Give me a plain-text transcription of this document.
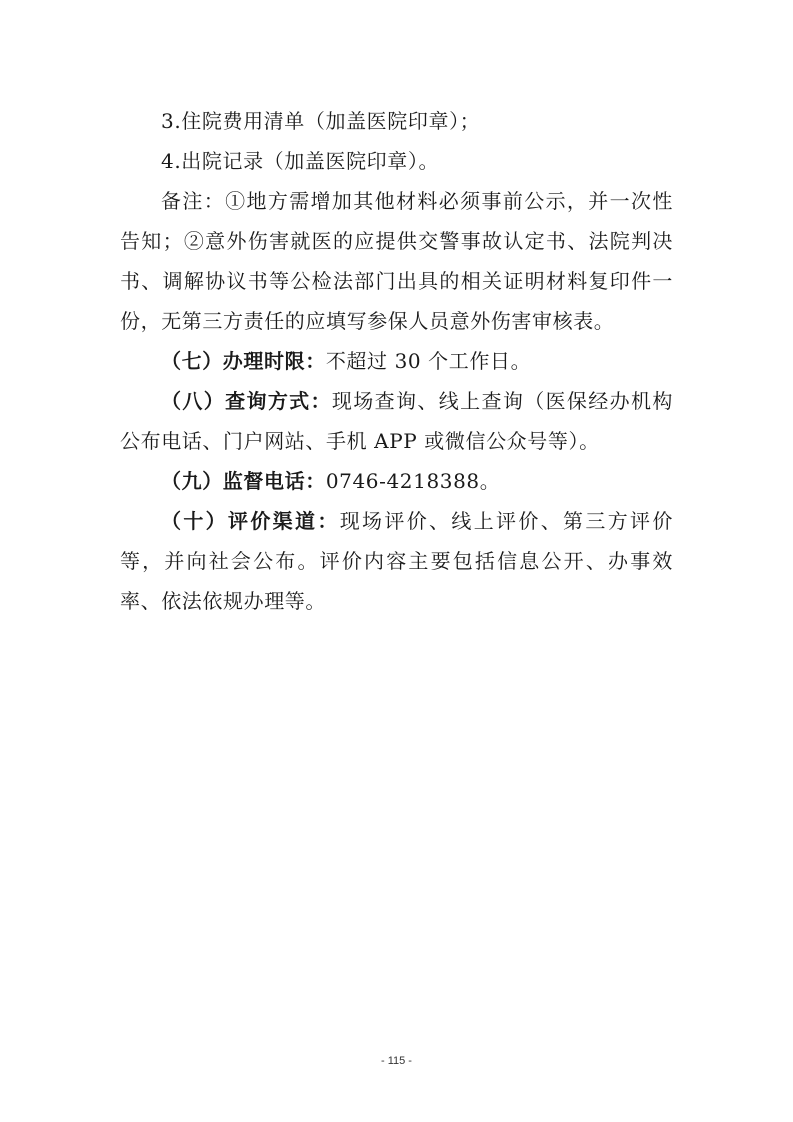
3.住院费用清单（加盖医院印章）；

4.出院记录（加盖医院印章）。

备注：①地方需增加其他材料必须事前公示，并一次性告知；②意外伤害就医的应提供交警事故认定书、法院判决书、调解协议书等公检法部门出具的相关证明材料复印件一份，无第三方责任的应填写参保人员意外伤害审核表。

（七）办理时限：不超过 30 个工作日。

（八）查询方式：现场查询、线上查询（医保经办机构公布电话、门户网站、手机 APP 或微信公众号等）。

（九）监督电话：0746-4218388。

（十）评价渠道：现场评价、线上评价、第三方评价等，并向社会公布。评价内容主要包括信息公开、办事效率、依法依规办理等。

- 115 -
